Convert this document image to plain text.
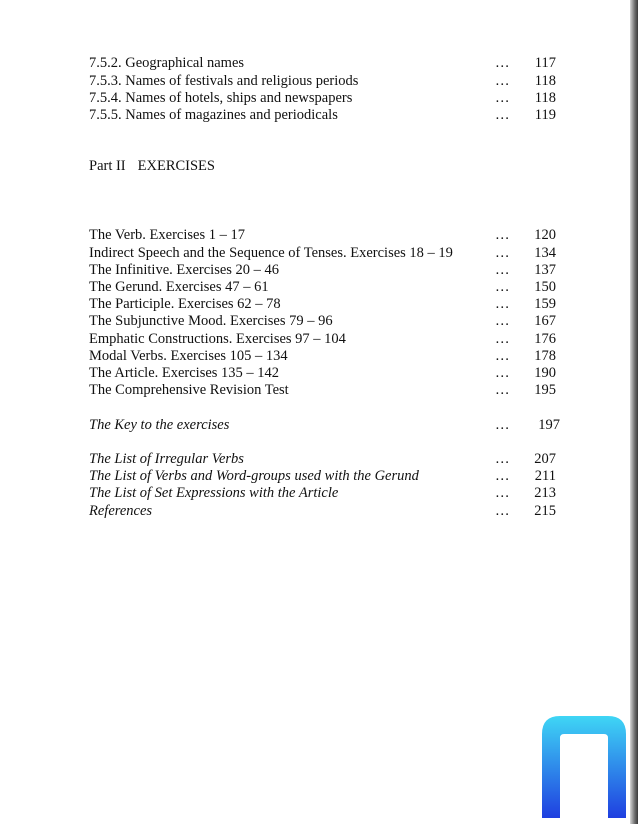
7.5.2. Geographical names	… 117
7.5.3. Names of festivals and religious periods	… 118
7.5.4. Names of hotels, ships and newspapers	… 118
7.5.5. Names of magazines and periodicals	… 119
Part II EXERCISES
The Verb. Exercises 1 – 17	… 120
Indirect Speech and the Sequence of Tenses. Exercises 18 – 19	… 134
The Infinitive. Exercises 20 – 46	… 137
The Gerund. Exercises 47 – 61	… 150
The Participle. Exercises 62 – 78	… 159
The Subjunctive Mood. Exercises 79 – 96	… 167
Emphatic Constructions. Exercises 97 – 104	… 176
Modal Verbs. Exercises 105 – 134	… 178
The Article. Exercises 135 – 142	… 190
The Comprehensive Revision Test	… 195
The Key to the exercises	… 197
The List of Irregular Verbs	… 207
The List of Verbs and Word-groups used with the Gerund	… 211
The List of Set Expressions with the Article	… 213
References	… 215
